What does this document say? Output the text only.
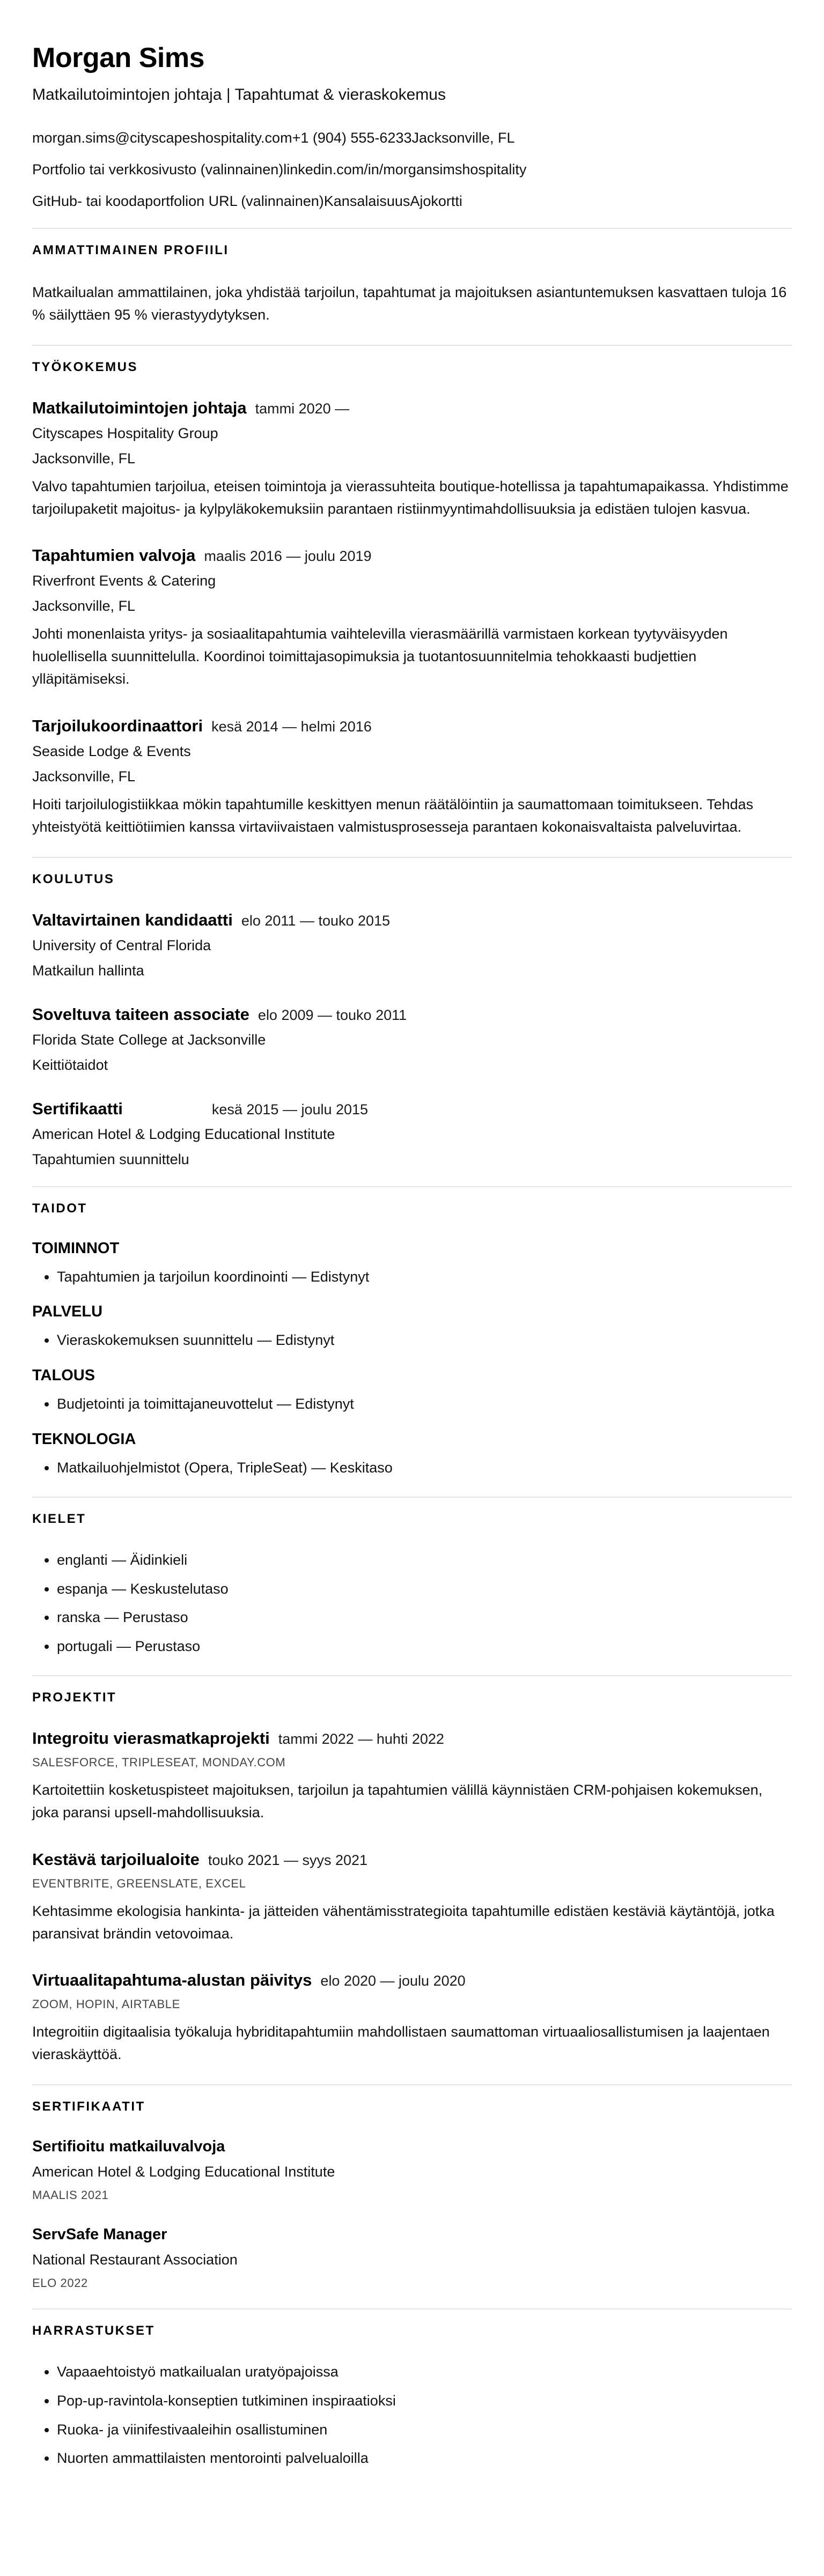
Morgan Sims
Matkailutoimintojen johtaja | Tapahtumat & vieraskokemus
morgan.sims@cityscapeshospitality.com+1 (904) 555-6233Jacksonville, FL
Portfolio tai verkkosivusto (valinnainen)linkedin.com/in/morgansimshospitality
GitHub- tai koodaportfolion URL (valinnainen)KansalaisuusAjokortti
AMMATTIMAINEN PROFIILI

Matkailualan ammattilainen, joka yhdistää tarjoilun, tapahtumat ja majoituksen asiantuntemuksen kasvattaen tuloja 16 % säilyttäen 95 % vierastyydytyksen.

TYÖKOKEMUS
Matkailutoimintojen johtaja tammi 2020 —
Cityscapes Hospitality Group
Jacksonville, FL

Valvo tapahtumien tarjoilua, eteisen toimintoja ja vierassuhteita boutique-hotellissa ja tapahtumapaikassa. Yhdistimme tarjoilupaketit majoitus- ja kylpyläkokemuksiin parantaen ristiinmyyntimahdollisuuksia ja edistäen tulojen kasvua.

Tapahtumien valvoja maalis 2016 — joulu 2019
Riverfront Events & Catering
Jacksonville, FL

Johti monenlaista yritys- ja sosiaalitapahtumia vaihtelevilla vierasmäärillä varmistaen korkean tyytyväisyyden huolellisella suunnittelulla. Koordinoi toimittajasopimuksia ja tuotantosuunnitelmia tehokkaasti budjettien ylläpitämiseksi.

Tarjoilukoordinaattori kesä 2014 — helmi 2016
Seaside Lodge & Events
Jacksonville, FL

Hoiti tarjoilulogistiikkaa mökin tapahtumille keskittyen menun räätälöintiin ja saumattomaan toimitukseen. Tehdas yhteistyötä keittiötiimien kanssa virtaviivaistaen valmistusprosesseja parantaen kokonaisvaltaista palveluvirtaa.

KOULUTUS
Valtavirtainen kandidaatti elo 2011 — touko 2015
University of Central Florida
Matkailun hallinta
Soveltuva taiteen associate elo 2009 — touko 2011
Florida State College at Jacksonville
Keittiötaidot
Sertifikaatti	kesä 2015 — joulu 2015
American Hotel & Lodging Educational Institute
Tapahtumien suunnittelu
TAIDOT
TOIMINNOT
• Tapahtumien ja tarjoilun koordinointi — Edistynyt
PALVELU
• Vieraskokemuksen suunnittelu — Edistynyt
TALOUS
• Budjetointi ja toimittajaneuvottelut — Edistynyt
TEKNOLOGIA
• Matkailuohjelmistot (Opera, TripleSeat) — Keskitaso
KIELET
• englanti — Äidinkieli
• espanja — Keskustelutaso
• ranska — Perustaso
• portugali — Perustaso
PROJEKTIT
Integroitu vierasmatkaprojekti tammi 2022 — huhti 2022
SALESFORCE, TRIPLESEAT, MONDAY.COM

Kartoitettiin kosketuspisteet majoituksen, tarjoilun ja tapahtumien välillä käynnistäen CRM-pohjaisen kokemuksen, joka paransi upsell-mahdollisuuksia.

Kestävä tarjoilualoite touko 2021 — syys 2021
EVENTBRITE, GREENSLATE, EXCEL

Kehtasimme ekologisia hankinta- ja jätteiden vähentämisstrategioita tapahtumille edistäen kestäviä käytäntöjä, jotka paransivat brändin vetovoimaa.

Virtuaalitapahtuma-alustan päivitys elo 2020 — joulu 2020
ZOOM, HOPIN, AIRTABLE

Integroitiin digitaalisia työkaluja hybriditapahtumiin mahdollistaen saumattoman virtuaaliosallistumisen ja laajentaen vieraskäyttöä.

SERTIFIKAATIT
Sertifioitu matkailuvalvoja
American Hotel & Lodging Educational Institute
MAALIS 2021
ServSafe Manager
National Restaurant Association
ELO 2022
HARRASTUKSET
• Vapaaehtoistyö matkailualan uratyöpajoissa
• Pop-up-ravintola-konseptien tutkiminen inspiraatioksi
• Ruoka- ja viinifestivaaleihin osallistuminen
• Nuorten ammattilaisten mentorointi palvelualoilla
